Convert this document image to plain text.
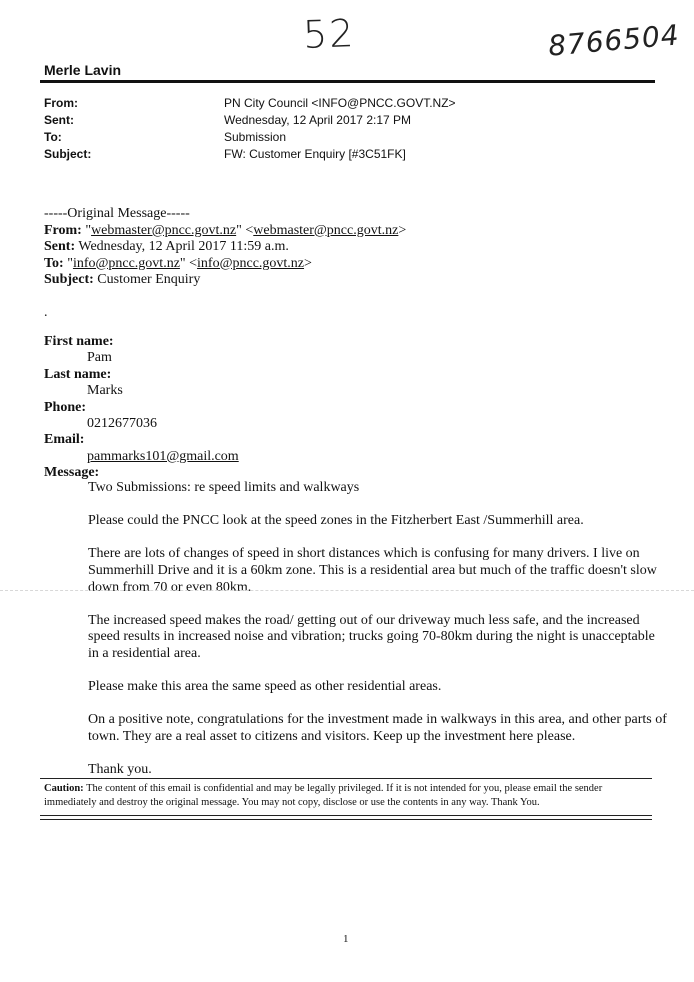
52	8766504
Merle Lavin
From:	PN City Council <INFO@PNCC.GOVT.NZ>
Sent:	Wednesday, 12 April 2017 2:17 PM
To:	Submission
Subject:	FW: Customer Enquiry [#3C51FK]
-----Original Message-----
From: "webmaster@pncc.govt.nz" <webmaster@pncc.govt.nz>
Sent: Wednesday, 12 April 2017 11:59 a.m.
To: "info@pncc.govt.nz" <info@pncc.govt.nz>
Subject: Customer Enquiry
.
First name:
Pam
Last name:
Marks
Phone:
0212677036
Email:
pammarks101@gmail.com
Message:

Two Submissions: re speed limits and walkways

Please could the PNCC look at the speed zones in the Fitzherbert East /Summerhill area.

There are lots of changes of speed in short distances which is confusing for many drivers. I live on Summerhill Drive and it is a 60km zone. This is a residential area but much of the traffic doesn't slow down from 70 or even 80km.

The increased speed makes the road/ getting out of our driveway much less safe, and the increased speed results in increased noise and vibration; trucks going 70-80km during the night is unacceptable in a residential area.

Please make this area the same speed as other residential areas.

On a positive note, congratulations for the investment made in walkways in this area, and other parts of town. They are a real asset to citizens and visitors. Keep up the investment here please.

Thank you.

Caution: The content of this email is confidential and may be legally privileged. If it is not intended for you, please email the sender immediately and destroy the original message. You may not copy, disclose or use the contents in any way. Thank You.
1
